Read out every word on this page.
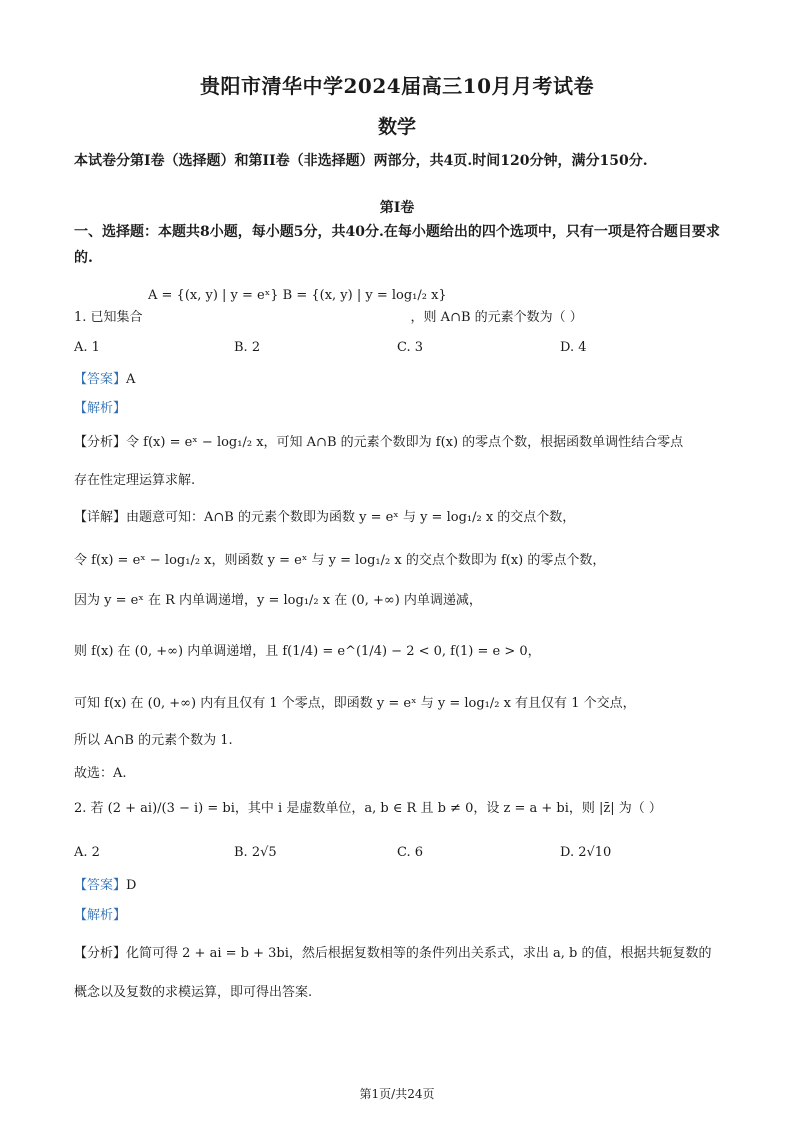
贵阳市清华中学2024届高三10月月考试卷
数学
本试卷分第I卷（选择题）和第II卷（非选择题）两部分，共4页.时间120分钟，满分150分.
第I卷
一、选择题：本题共8小题，每小题5分，共40分.在每小题给出的四个选项中，只有一项是符合题目要求的.
A = {(x, y) | y = eˣ} B = {(x, y) | y = log₁/₂ x}
1. 已知集合	，则 A∩B 的元素个数为（ ）
A. 1	B. 2	C. 3	D. 4
【答案】A
【解析】
【分析】令 f(x) = eˣ − log₁/₂ x，可知 A∩B 的元素个数即为 f(x) 的零点个数，根据函数单调性结合零点
存在性定理运算求解.
【详解】由题意可知：A∩B 的元素个数即为函数 y = eˣ 与 y = log₁/₂ x 的交点个数，
令 f(x) = eˣ − log₁/₂ x，则函数 y = eˣ 与 y = log₁/₂ x 的交点个数即为 f(x) 的零点个数，
因为 y = eˣ 在 R 内单调递增，y = log₁/₂ x 在 (0, +∞) 内单调递减，
则 f(x) 在 (0, +∞) 内单调递增，且 f(1/4) = e^(1/4) − 2 < 0, f(1) = e > 0，
可知 f(x) 在 (0, +∞) 内有且仅有 1 个零点，即函数 y = eˣ 与 y = log₁/₂ x 有且仅有 1 个交点，
所以 A∩B 的元素个数为 1.
故选：A.
2. 若 (2 + ai)/(3 − i) = bi，其中 i 是虚数单位，a, b ∈ R 且 b ≠ 0，设 z = a + bi，则 |z̄| 为（ ）
A. 2	B. 2√5	C. 6	D. 2√10
【答案】D
【解析】
【分析】化简可得 2 + ai = b + 3bi，然后根据复数相等的条件列出关系式，求出 a, b 的值，根据共轭复数的
概念以及复数的求模运算，即可得出答案.
第1页/共24页
